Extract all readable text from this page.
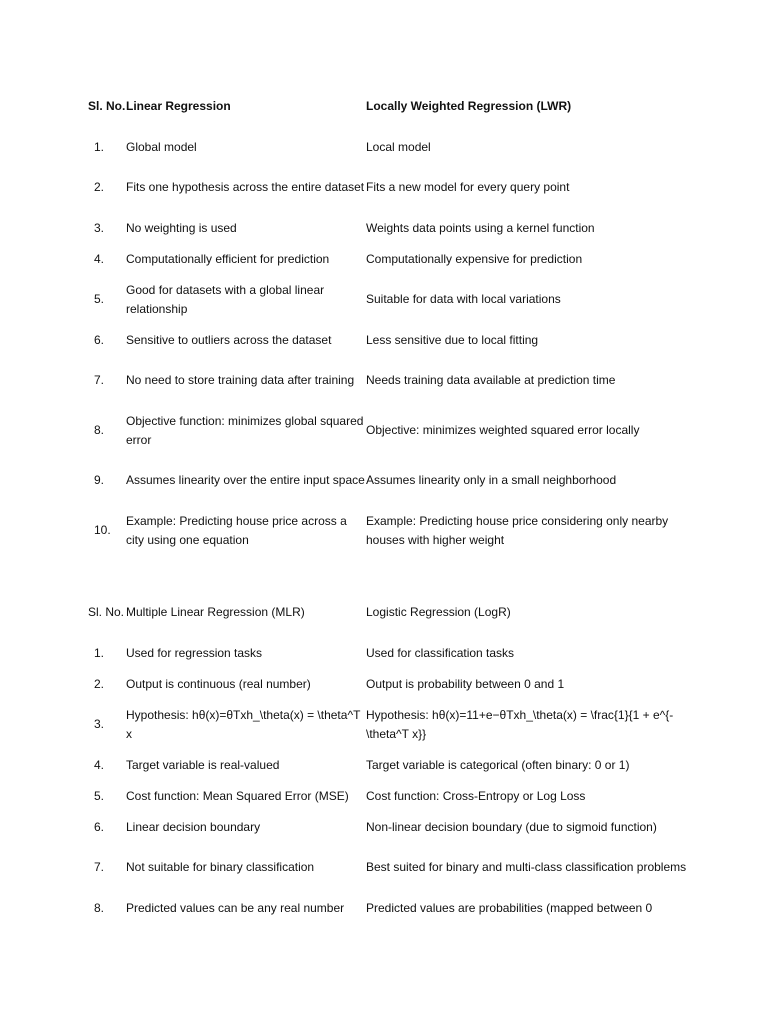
Sl. No.	Linear Regression	Locally Weighted Regression (LWR)
1.	Global model	Local model
2.	Fits one hypothesis across the entire dataset	Fits a new model for every query point
3.	No weighting is used	Weights data points using a kernel function
4.	Computationally efficient for prediction	Computationally expensive for prediction
5.	Good for datasets with a global linear relationship	Suitable for data with local variations
6.	Sensitive to outliers across the dataset	Less sensitive due to local fitting
7.	No need to store training data after training	Needs training data available at prediction time
8.	Objective function: minimizes global squared error	Objective: minimizes weighted squared error locally
9.	Assumes linearity over the entire input space	Assumes linearity only in a small neighborhood
10.	Example: Predicting house price across a city using one equation	Example: Predicting house price considering only nearby houses with higher weight
Sl. No.	Multiple Linear Regression (MLR)	Logistic Regression (LogR)
1.	Used for regression tasks	Used for classification tasks
2.	Output is continuous (real number)	Output is probability between 0 and 1
3.	Hypothesis: hθ(x)=θTxh_\theta(x) = \theta^T x	Hypothesis: hθ(x)=11+e−θTxh_\theta(x) = \frac{1}{1 + e^{-\theta^T x}}
4.	Target variable is real-valued	Target variable is categorical (often binary: 0 or 1)
5.	Cost function: Mean Squared Error (MSE)	Cost function: Cross-Entropy or Log Loss
6.	Linear decision boundary	Non-linear decision boundary (due to sigmoid function)
7.	Not suitable for binary classification	Best suited for binary and multi-class classification problems
8.	Predicted values can be any real number	Predicted values are probabilities (mapped between 0
